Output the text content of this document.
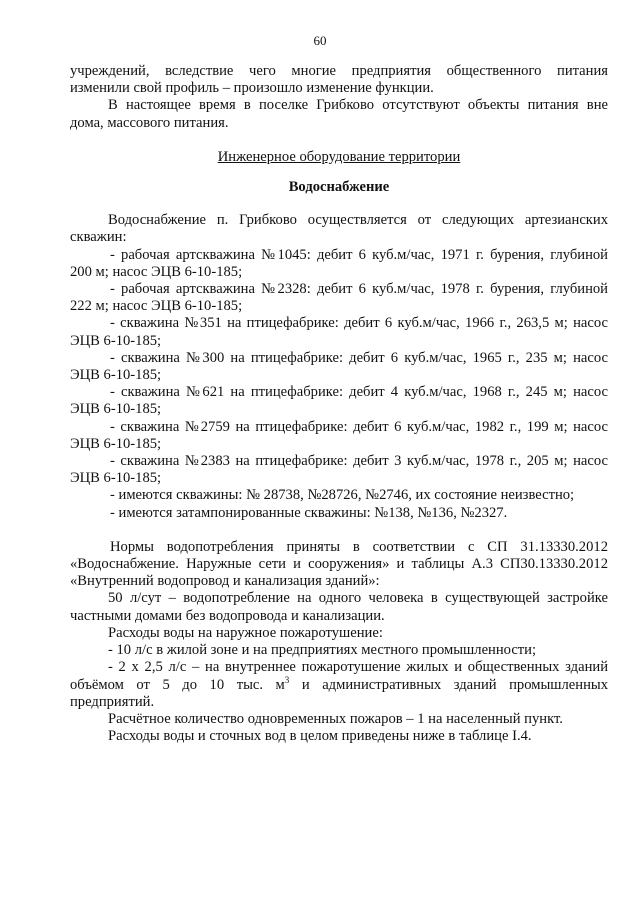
60
учреждений, вследствие чего многие предприятия общественного питания
изменили свой профиль – произошло изменение функции.
В настоящее время в поселке Грибково отсутствуют объекты питания вне
дома, массового питания.
Инженерное оборудование территории
Водоснабжение
Водоснабжение п. Грибково осуществляется от следующих артезианских
скважин:
- рабочая артскважина №1045: дебит 6 куб.м/час, 1971 г. бурения, глубиной
200 м; насос ЭЦВ 6-10-185;
- рабочая артскважина №2328: дебит 6 куб.м/час, 1978 г. бурения, глубиной
222 м; насос ЭЦВ 6-10-185;
- скважина №351 на птицефабрике: дебит 6 куб.м/час, 1966 г., 263,5 м; насос
ЭЦВ 6-10-185;
- скважина №300 на птицефабрике: дебит 6 куб.м/час, 1965 г., 235 м; насос
ЭЦВ 6-10-185;
- скважина №621 на птицефабрике: дебит 4 куб.м/час, 1968 г., 245 м; насос
ЭЦВ 6-10-185;
- скважина №2759 на птицефабрике: дебит 6 куб.м/час, 1982 г., 199 м; насос
ЭЦВ 6-10-185;
- скважина №2383 на птицефабрике: дебит 3 куб.м/час, 1978 г., 205 м; насос
ЭЦВ 6-10-185;
- имеются скважины: № 28738, №28726, №2746, их состояние неизвестно;
- имеются затампонированные скважины: №138, №136, №2327.
Нормы водопотребления приняты в соответствии с СП 31.13330.2012
«Водоснабжение. Наружные сети и сооружения» и таблицы А.3 СП30.13330.2012
«Внутренний водопровод и канализация зданий»:
50 л/сут – водопотребление на одного человека в существующей застройке
частными домами без водопровода и канализации.
Расходы воды на наружное пожаротушение:
- 10 л/с в жилой зоне и на предприятиях местного промышленности;
- 2 х 2,5 л/с – на внутреннее пожаротушение жилых и общественных зданий
объёмом от 5 до 10 тыс. $м^3$ и административных зданий промышленных
предприятий.
Расчётное количество одновременных пожаров – 1 на населенный пункт.
Расходы воды и сточных вод в целом приведены ниже в таблице I.4.
